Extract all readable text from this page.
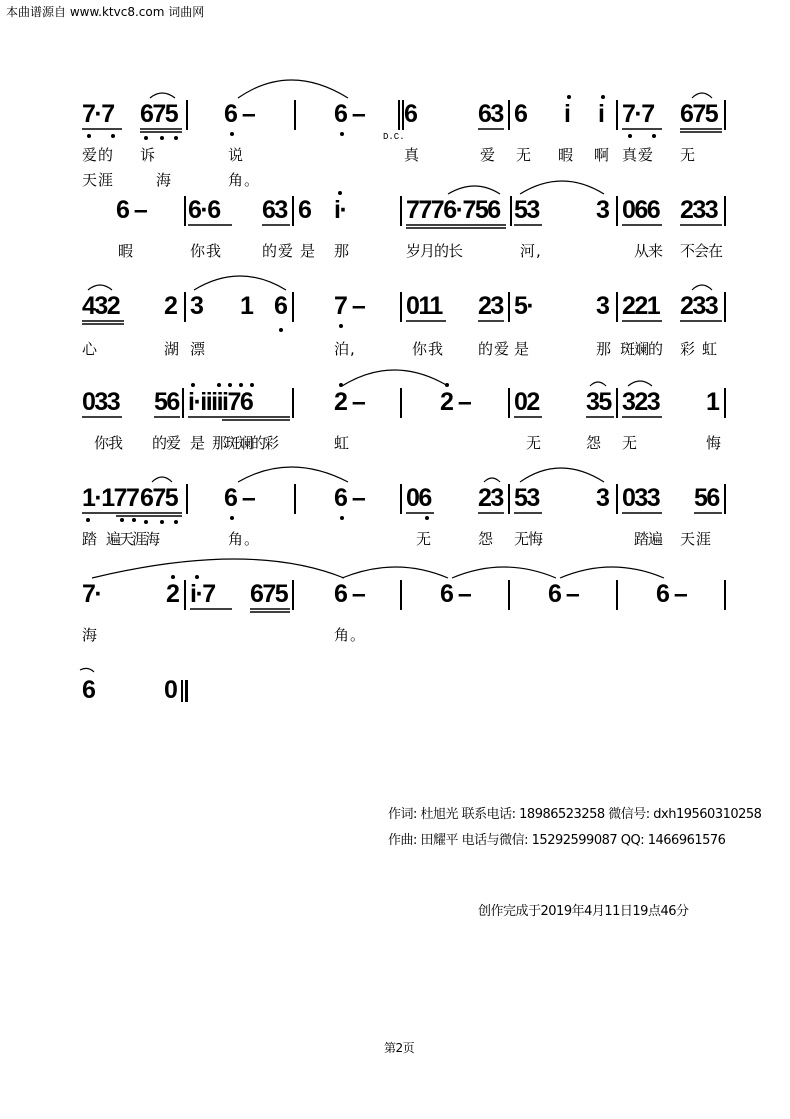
本曲谱源自 www.ktvc8.com 词曲网
7·7 675 6 –	6 – 6 63 6 i i 7·7 675
D.C.
爱的 诉	说	真	爱 无 暇 啊 真爱 无
天涯	海	角。
6 – 6·6 63 6 i· 7776·756 53 3 066 233
暇	你我	的爱 是 那	岁月的长	河,	从来 不会在
432 2 3 1 6 7 – 011 23 5·	3 221 233
心	湖 漂	泊,	你我 的爱 是	那 斑斓的 彩 虹
033 56 i·iiiii76	2 –	2 – 02 35 323 1
你我 的爱 是 那斑斓的彩	虹	无	怨 无	悔
1·177 675 6 –	6 – 06 23 53 3 033 56
踏 遍天涯海	角。	无	怨 无悔	踏遍 天涯
7·	2 i·7 675 6 –	6 –	6 –	6 –
海	角。
6	0
作词: 杜旭光 联系电话: 18986523258 微信号: dxh19560310258
作曲: 田耀平 电话与微信: 15292599087 QQ: 1466961576
创作完成于2019年4月11日19点46分
第2页
